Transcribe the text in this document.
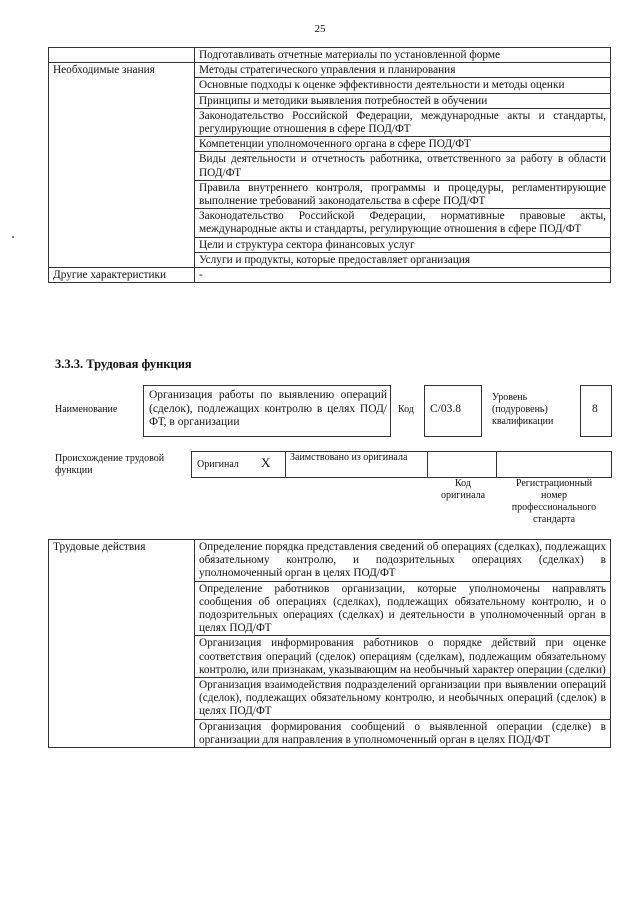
25
	Подготавливать отчетные материалы по установленной форме
Необходимые знания	Методы стратегического управления и планирования
	Основные подходы к оценке эффективности деятельности и методы оценки
	Принципы и методики выявления потребностей в обучении
	Законодательство Российской Федерации, международные акты и стандарты, регулирующие отношения в сфере ПОД/ФТ
	Компетенции уполномоченного органа в сфере ПОД/ФТ
	Виды деятельности и отчетность работника, ответственного за работу в области ПОД/ФТ
	Правила внутреннего контроля, программы и процедуры, регламентирующие выполнение требований законодательства в сфере ПОД/ФТ
	Законодательство Российской Федерации, нормативные правовые акты, международные акты и стандарты, регулирующие отношения в сфере ПОД/ФТ
	Цели и структура сектора финансовых услуг
	Услуги и продукты, которые предоставляет организация
Другие характеристики	-
3.3.3. Трудовая функция
Наименование
Организация работы по выявлению операций (сделок), подлежащих контролю в целях ПОД/ФТ, в организации
Код C/03.8
Уровень (подуровень) квалификации
8
Происхождение трудовой функции
Оригинал X Заимствовано из оригинала
Код оригинала
Регистрационный номер профессионального стандарта
Трудовые действия	Определение порядка представления сведений об операциях (сделках), подлежащих обязательному контролю, и подозрительных операциях (сделках) в уполномоченный орган в целях ПОД/ФТ
Определение работников организации, которые уполномочены направлять сообщения об операциях (сделках), подлежащих обязательному контролю, и о подозрительных операциях (сделках) и деятельности в уполномоченный орган в целях ПОД/ФТ
Организация информирования работников о порядке действий при оценке соответствия операций (сделок) операциям (сделкам), подлежащим обязательному контролю, или признакам, указывающим на необычный характер операции (сделки)
Организация взаимодействия подразделений организации при выявлении операций (сделок), подлежащих обязательному контролю, и необычных операций (сделок) в целях ПОД/ФТ
Организация формирования сообщений о выявленной операции (сделке) в организации для направления в уполномоченный орган в целях ПОД/ФТ
